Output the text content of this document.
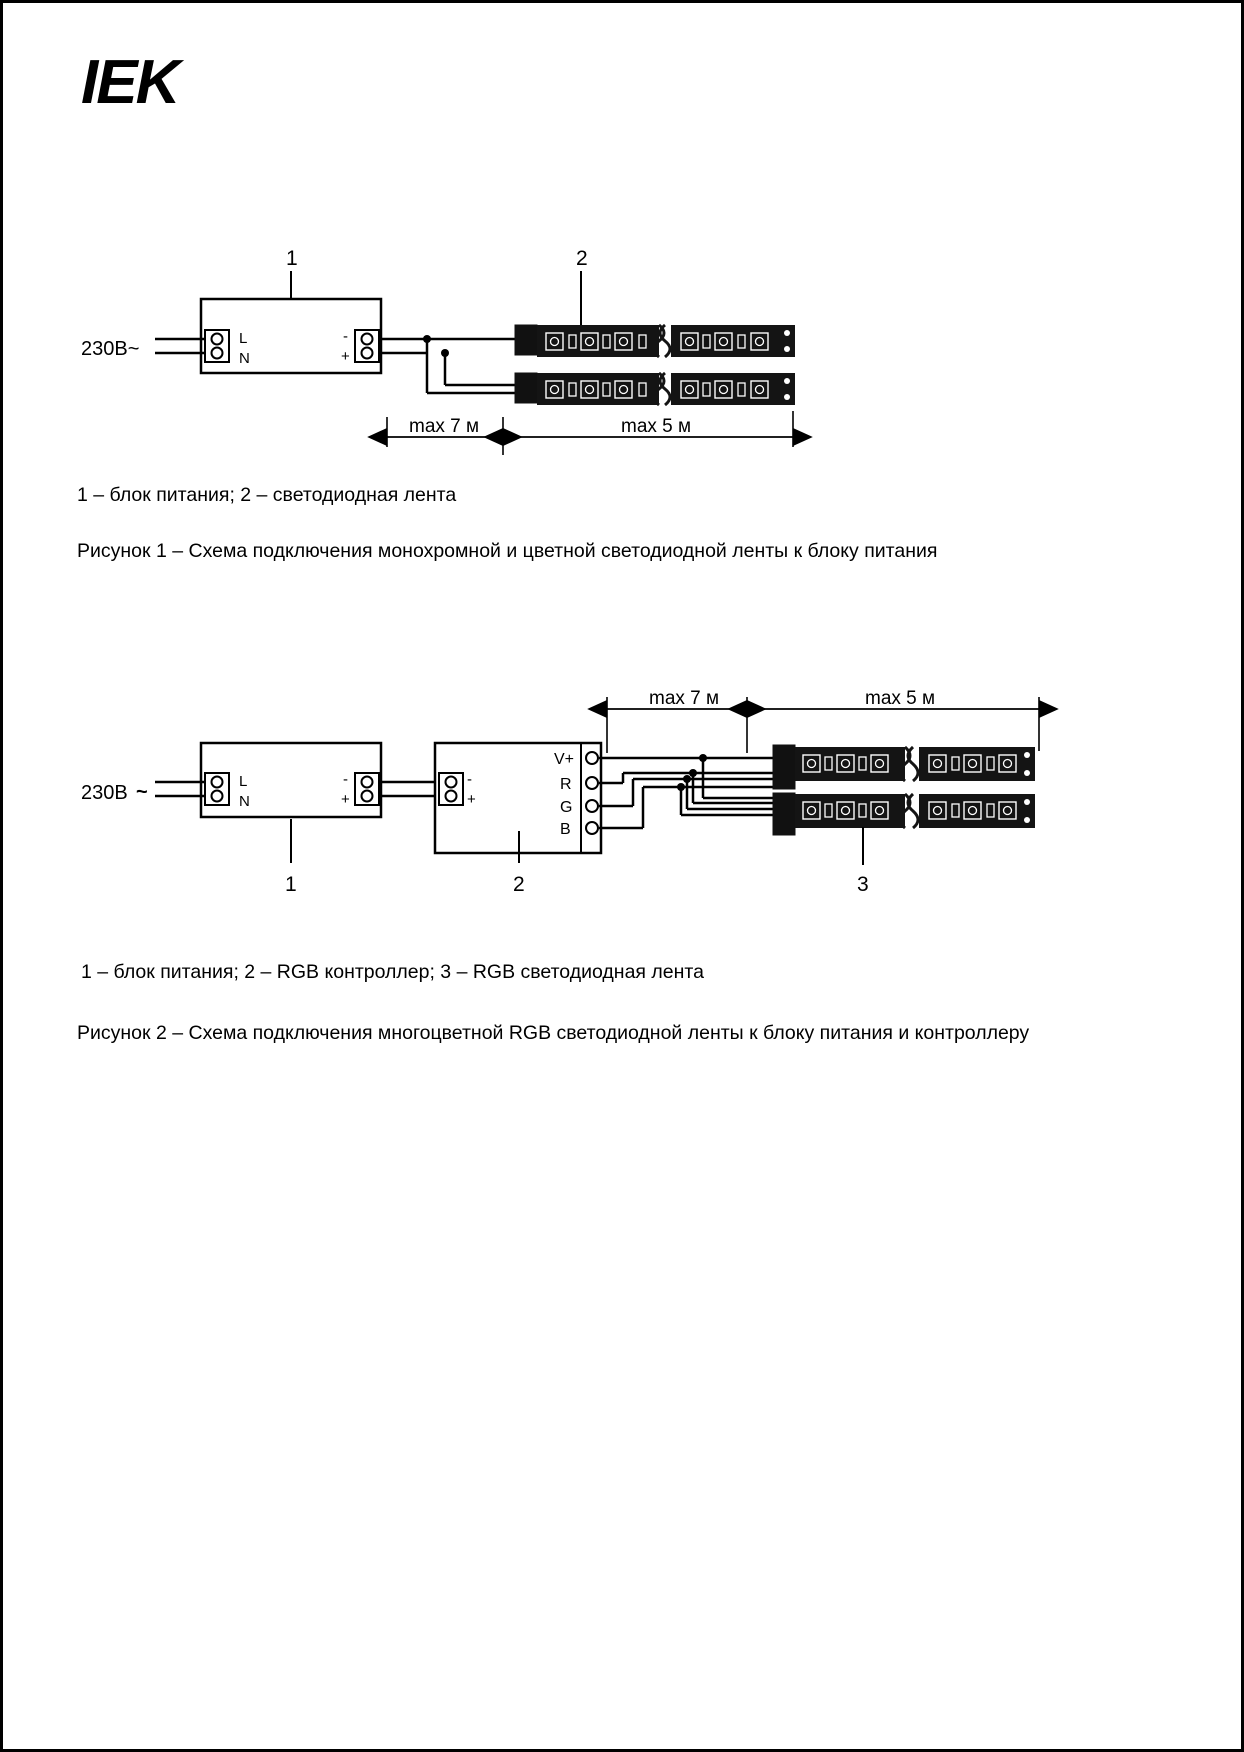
IEK
1	2
230В~	L
N
-
+
max 7 м	max 5 м
230В ~	L
N
-
+
-
+
V+
R
G
B
1	2	3
max 7 м	max 5 м
1 – блок питания; 2 – светодиодная лента
Рисунок 1 – Схема подключения монохромной и цветной светодиодной ленты к блоку питания
1 – блок питания; 2 – RGB контроллер; 3 – RGB светодиодная лента
Рисунок 2 – Схема подключения многоцветной RGB светодиодной ленты к блоку питания и контроллеру
